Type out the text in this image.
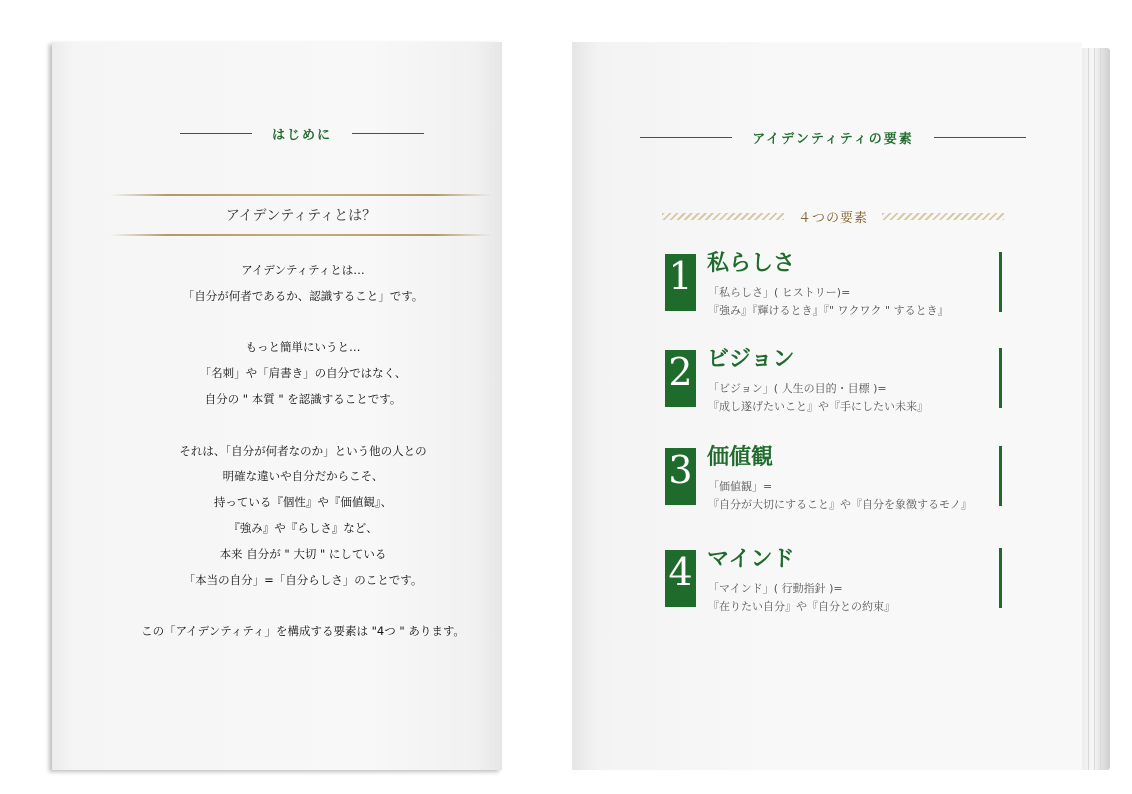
はじめに
アイデンティティとは？
アイデンティティとは…
「自分が何者であるか、認識すること」です。
もっと簡単にいうと…
「名刺」や「肩書き」の自分ではなく、
自分の " 本質 " を認識することです。
それは、「自分が何者なのか」という他の人との
明確な違いや自分だからこそ、
持っている『個性』や『価値観』、
『強み』や『らしさ』など、
本来 自分が " 大切 " にしている
「本当の自分」=「自分らしさ」のことです。
この「アイデンティティ」を構成する要素は "4つ " あります。
アイデンティティの要素
４つの要素
1 私らしさ
「私らしさ」( ヒストリー)=
『強み』『輝けるとき』『" ワクワク " するとき』
2 ビジョン
「ビジョン」( 人生の目的・目標 )=
『成し遂げたいこと』や『手にしたい未来』
3 価値観
「価値観」=
『自分が大切にすること』や『自分を象徴するモノ』
4 マインド
「マインド」( 行動指針 )=
『在りたい自分』や『自分との約束』
